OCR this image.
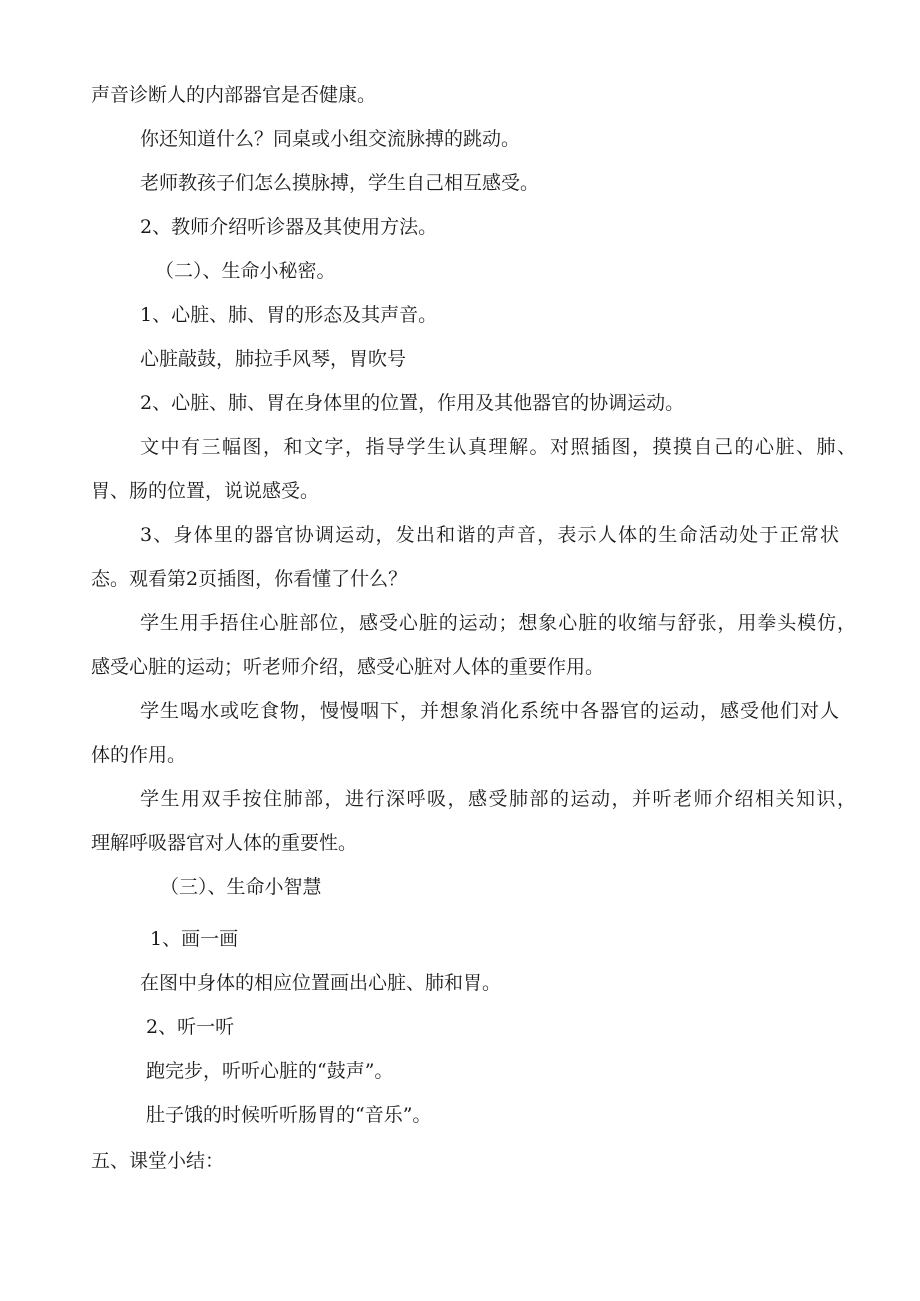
声音诊断人的内部器官是否健康。
你还知道什么？同桌或小组交流脉搏的跳动。
老师教孩子们怎么摸脉搏，学生自己相互感受。
2、教师介绍听诊器及其使用方法。
（二）、生命小秘密。
1、心脏、肺、胃的形态及其声音。
心脏敲鼓，肺拉手风琴，胃吹号
2、心脏、肺、胃在身体里的位置，作用及其他器官的协调运动。
文中有三幅图，和文字，指导学生认真理解。对照插图，摸摸自己的心脏、肺、
胃、肠的位置，说说感受。
3、身体里的器官协调运动，发出和谐的声音，表示人体的生命活动处于正常状
态。观看第2页插图，你看懂了什么？
学生用手捂住心脏部位，感受心脏的运动；想象心脏的收缩与舒张，用拳头模仿，
感受心脏的运动；听老师介绍，感受心脏对人体的重要作用。
学生喝水或吃食物，慢慢咽下，并想象消化系统中各器官的运动，感受他们对人
体的作用。
学生用双手按住肺部，进行深呼吸，感受肺部的运动，并听老师介绍相关知识，
理解呼吸器官对人体的重要性。
（三）、生命小智慧
1、画一画
在图中身体的相应位置画出心脏、肺和胃。
2、听一听
跑完步，听听心脏的“鼓声”。
肚子饿的时候听听肠胃的“音乐”。
五、课堂小结：
